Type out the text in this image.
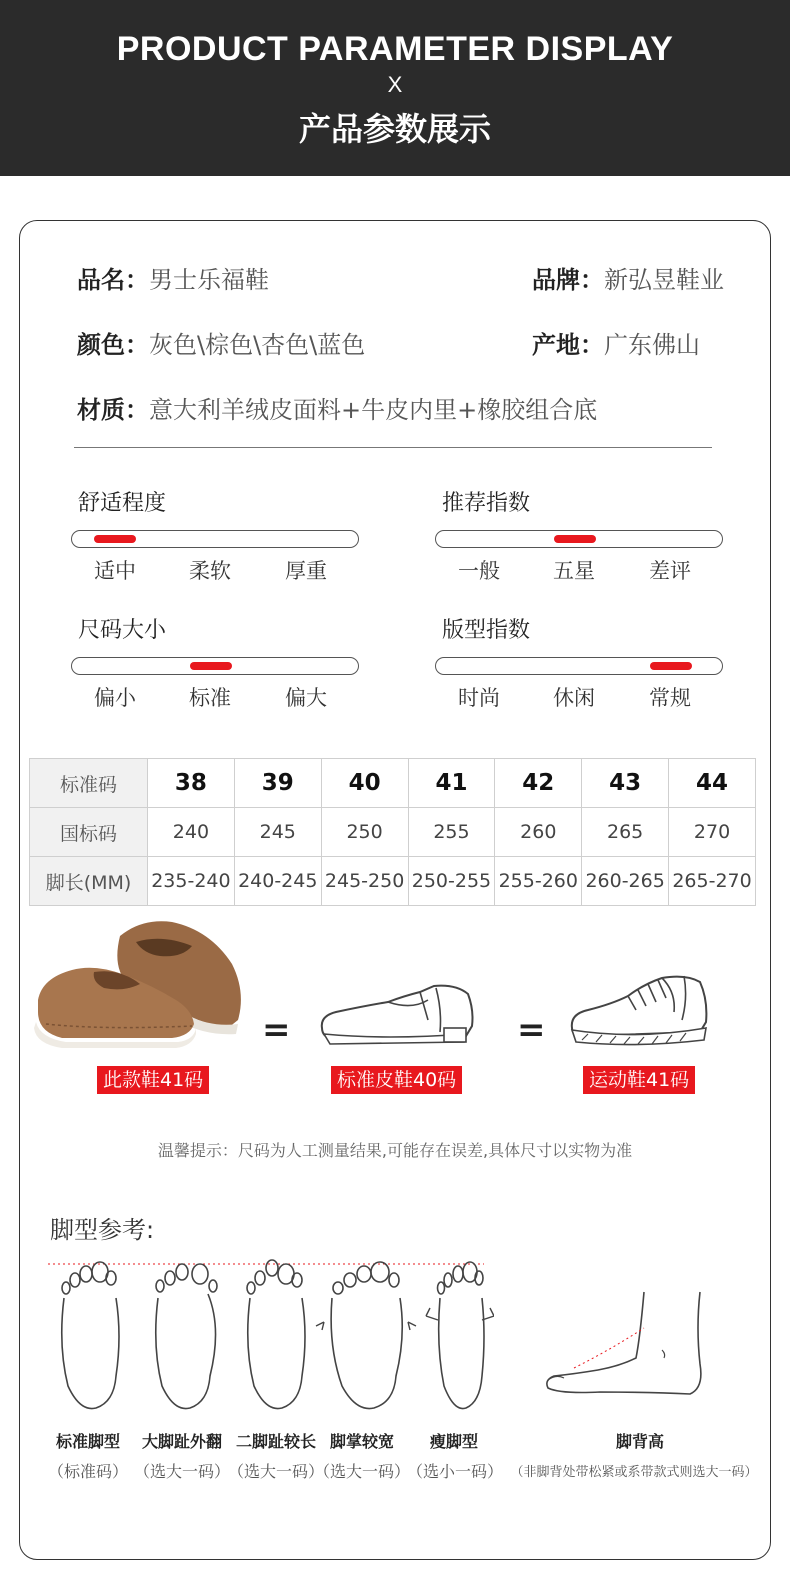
PRODUCT PARAMETER DISPLAY
X
产品参数展示
品名：男士乐福鞋	品牌：新弘昱鞋业
颜色：灰色\棕色\杏色\蓝色	产地：广东佛山
材质：意大利羊绒皮面料+牛皮内里+橡胶组合底
舒适程度
适中	柔软	厚重
推荐指数
一般	五星	差评
尺码大小
偏小	标准	偏大
版型指数
时尚	休闲	常规
标准码	38	39	40	41	42	43	44
国标码	240	245	250	255	260	265	270
脚长(MM)	235-240	240-245	245-250	250-255	255-260	260-265	265-270
=	=
此款鞋41码	标准皮鞋40码	运动鞋41码
温馨提示：尺码为人工测量结果,可能存在误差,具体尺寸以实物为准
脚型参考:
标准脚型
（标准码）
大脚趾外翻
（选大一码）
二脚趾较长
（选大一码）
脚掌较宽
（选大一码）
瘦脚型
（选小一码）
脚背高
（非脚背处带松紧或系带款式则选大一码）
